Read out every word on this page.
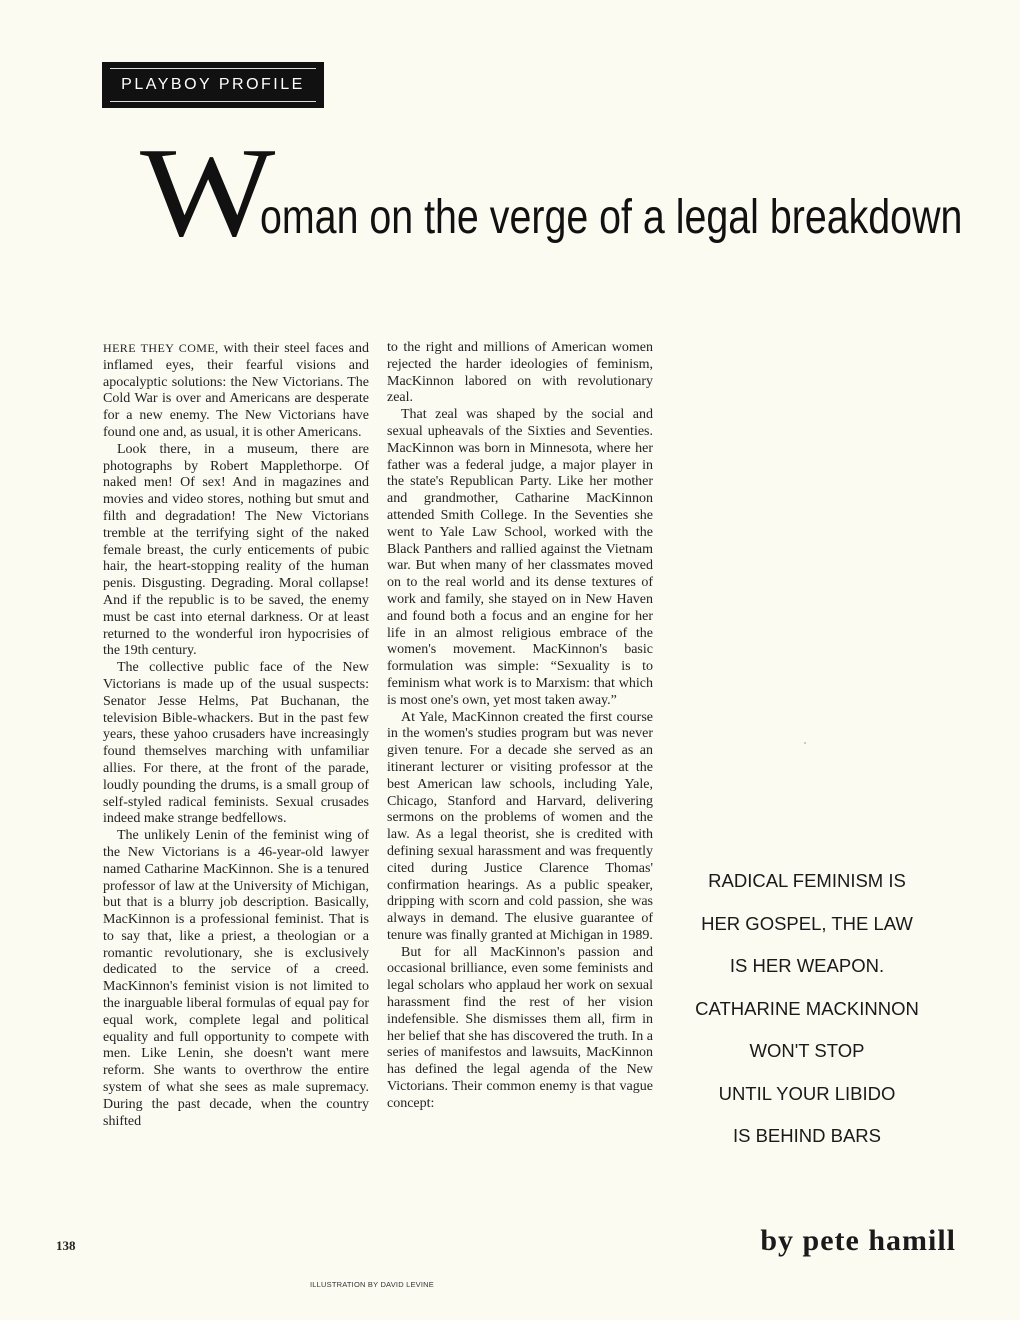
PLAYBOY PROFILE
W
oman on the verge of a legal breakdown

HERE THEY COME, with their steel faces and inflamed eyes, their fearful visions and apocalyptic solutions: the New Victorians. The Cold War is over and Americans are desperate for a new enemy. The New Victorians have found one and, as usual, it is other Americans.

Look there, in a museum, there are photographs by Robert Mapplethorpe. Of naked men! Of sex! And in magazines and movies and video stores, nothing but smut and filth and degradation! The New Victorians tremble at the terrifying sight of the naked female breast, the curly enticements of pubic hair, the heart-stopping reality of the human penis. Disgusting. Degrading. Moral collapse! And if the republic is to be saved, the enemy must be cast into eternal darkness. Or at least returned to the wonderful iron hypocrisies of the 19th century.

The collective public face of the New Victorians is made up of the usual suspects: Senator Jesse Helms, Pat Buchanan, the television Bible-whackers. But in the past few years, these yahoo crusaders have increasingly found themselves marching with unfamiliar allies. For there, at the front of the parade, loudly pounding the drums, is a small group of self-styled radical feminists. Sexual crusades indeed make strange bedfellows.

The unlikely Lenin of the feminist wing of the New Victorians is a 46-year-old lawyer named Catharine MacKinnon. She is a tenured professor of law at the University of Michigan, but that is a blurry job description. Basically, MacKinnon is a professional feminist. That is to say that, like a priest, a theologian or a romantic revolutionary, she is exclusively dedicated to the service of a creed. MacKinnon's feminist vision is not limited to the inarguable liberal formulas of equal pay for equal work, complete legal and political equality and full opportunity to compete with men. Like Lenin, she doesn't want mere reform. She wants to overthrow the entire system of what she sees as male supremacy. During the past decade, when the country shifted

to the right and millions of American women rejected the harder ideologies of feminism, MacKinnon labored on with revolutionary zeal.

That zeal was shaped by the social and sexual upheavals of the Sixties and Seventies. MacKinnon was born in Minnesota, where her father was a federal judge, a major player in the state's Republican Party. Like her mother and grandmother, Catharine MacKinnon attended Smith College. In the Seventies she went to Yale Law School, worked with the Black Panthers and rallied against the Vietnam war. But when many of her classmates moved on to the real world and its dense textures of work and family, she stayed on in New Haven and found both a focus and an engine for her life in an almost religious embrace of the women's movement. MacKinnon's basic formulation was simple: “Sexuality is to feminism what work is to Marxism: that which is most one's own, yet most taken away.”

At Yale, MacKinnon created the first course in the women's studies program but was never given tenure. For a decade she served as an itinerant lecturer or visiting professor at the best American law schools, including Yale, Chicago, Stanford and Harvard, delivering sermons on the problems of women and the law. As a legal theorist, she is credited with defining sexual harassment and was frequently cited during Justice Clarence Thomas' confirmation hearings. As a public speaker, dripping with scorn and cold passion, she was always in demand. The elusive guarantee of tenure was finally granted at Michigan in 1989.

But for all MacKinnon's passion and occasional brilliance, even some feminists and legal scholars who applaud her work on sexual harassment find the rest of her vision indefensible. She dismisses them all, firm in her belief that she has discovered the truth. In a series of manifestos and lawsuits, MacKinnon has defined the legal agenda of the New Victorians. Their common enemy is that vague concept:

RADICAL FEMINISM IS
HER GOSPEL, THE LAW
IS HER WEAPON.
CATHARINE MACKINNON
WON'T STOP
UNTIL YOUR LIBIDO
IS BEHIND BARS
by pete hamill
138
ILLUSTRATION BY DAVID LEVINE
